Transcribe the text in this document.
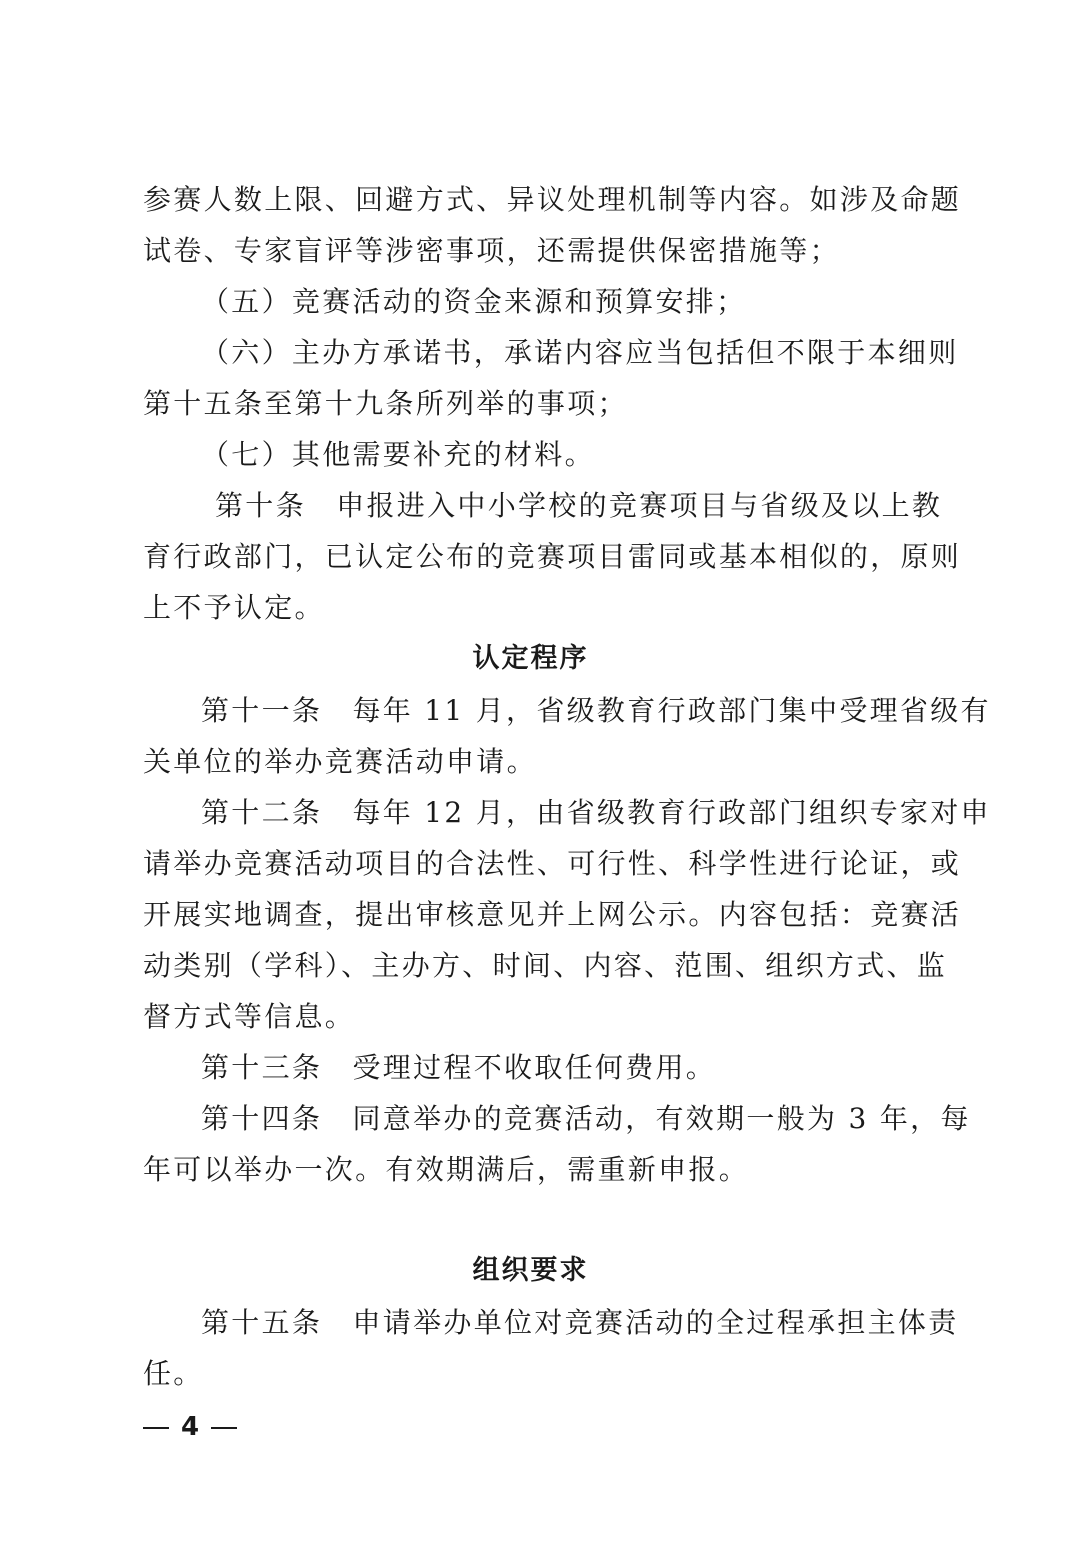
参赛人数上限、回避方式、异议处理机制等内容。如涉及命题
试卷、专家盲评等涉密事项，还需提供保密措施等；
（五）竞赛活动的资金来源和预算安排；
（六）主办方承诺书，承诺内容应当包括但不限于本细则
第十五条至第十九条所列举的事项；
（七）其他需要补充的材料。
第十条　申报进入中小学校的竞赛项目与省级及以上教
育行政部门，已认定公布的竞赛项目雷同或基本相似的，原则
上不予认定。
认定程序
第十一条　每年 11 月，省级教育行政部门集中受理省级有
关单位的举办竞赛活动申请。
第十二条　每年 12 月，由省级教育行政部门组织专家对申
请举办竞赛活动项目的合法性、可行性、科学性进行论证，或
开展实地调查，提出审核意见并上网公示。内容包括：竞赛活
动类别（学科）、主办方、时间、内容、范围、组织方式、监
督方式等信息。
第十三条　受理过程不收取任何费用。
第十四条　同意举办的竞赛活动，有效期一般为 3 年，每
年可以举办一次。有效期满后，需重新申报。
组织要求
第十五条　申请举办单位对竞赛活动的全过程承担主体责
任。
4
